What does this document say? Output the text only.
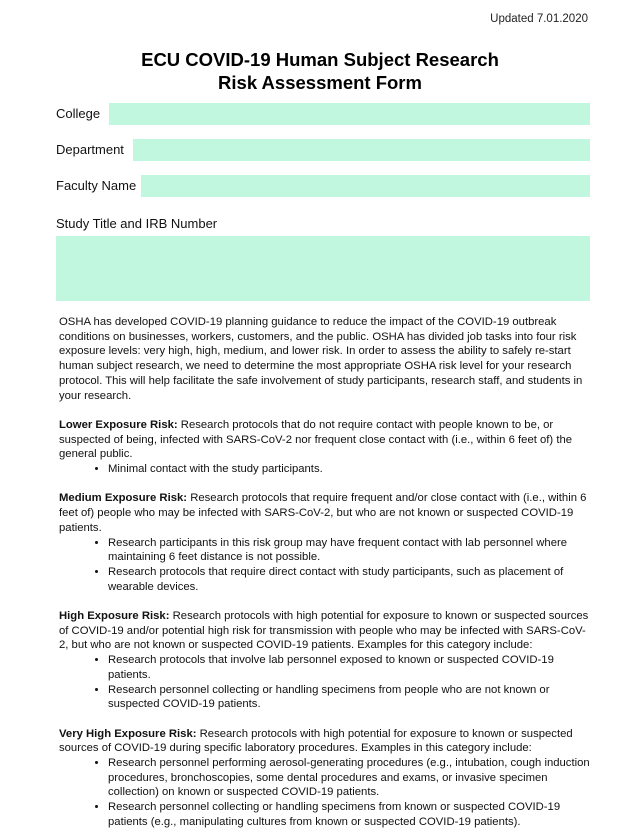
Updated 7.01.2020
ECU COVID-19 Human Subject Research
Risk Assessment Form
College
Department
Faculty Name
Study Title and IRB Number

OSHA has developed COVID-19 planning guidance to reduce the impact of the COVID-19 outbreak conditions on businesses, workers, customers, and the public. OSHA has divided job tasks into four risk exposure levels: very high, high, medium, and lower risk. In order to assess the ability to safely re-start human subject research, we need to determine the most appropriate OSHA risk level for your research protocol. This will help facilitate the safe involvement of study participants, research staff, and students in your research.

Lower Exposure Risk: Research protocols that do not require contact with people known to be, or suspected of being, infected with SARS-CoV-2 nor frequent close contact with (i.e., within 6 feet of) the general public.

• Minimal contact with the study participants.

Medium Exposure Risk: Research protocols that require frequent and/or close contact with (i.e., within 6 feet of) people who may be infected with SARS-CoV-2, but who are not known or suspected COVID-19 patients.

• Research participants in this risk group may have frequent contact with lab personnel where maintaining 6 feet distance is not possible.
• Research protocols that require direct contact with study participants, such as placement of wearable devices.

High Exposure Risk: Research protocols with high potential for exposure to known or suspected sources of COVID-19 and/or potential high risk for transmission with people who may be infected with SARS-CoV-2, but who are not known or suspected COVID-19 patients. Examples for this category include:

• Research protocols that involve lab personnel exposed to known or suspected COVID-19 patients.
• Research personnel collecting or handling specimens from people who are not known or suspected COVID-19 patients.

Very High Exposure Risk: Research protocols with high potential for exposure to known or suspected sources of COVID-19 during specific laboratory procedures. Examples in this category include:

• Research personnel performing aerosol-generating procedures (e.g., intubation, cough induction procedures, bronchoscopies, some dental procedures and exams, or invasive specimen collection) on known or suspected COVID-19 patients.
• Research personnel collecting or handling specimens from known or suspected COVID-19 patients (e.g., manipulating cultures from known or suspected COVID-19 patients).
